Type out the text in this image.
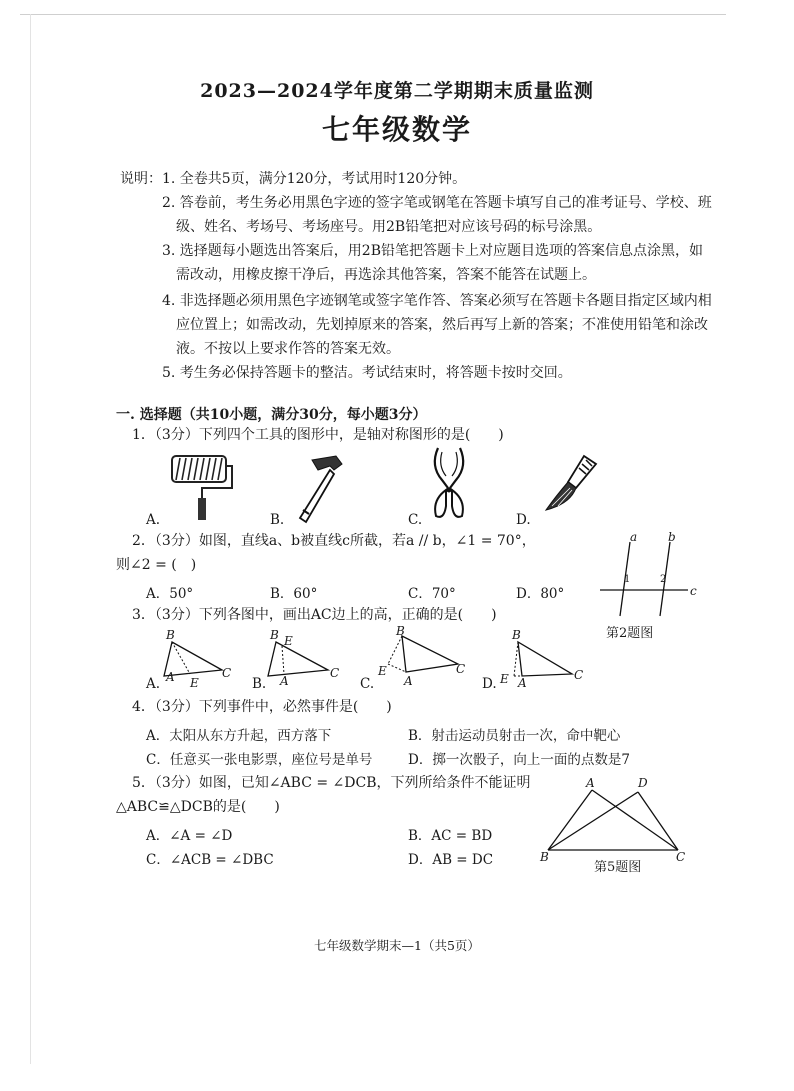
2023—2024学年度第二学期期末质量监测
七年级数学
说明： 1. 全卷共5页，满分120分，考试用时120分钟。
2. 答卷前，考生务必用黑色字迹的签字笔或钢笔在答题卡填写自己的准考证号、学校、班
级、姓名、考场号、考场座号。用2B铅笔把对应该号码的标号涂黑。
3. 选择题每小题选出答案后，用2B铅笔把答题卡上对应题目选项的答案信息点涂黑，如
需改动，用橡皮擦干净后，再选涂其他答案，答案不能答在试题上。
4. 非选择题必须用黑色字迹钢笔或签字笔作答、答案必须写在答题卡各题目指定区域内相
应位置上；如需改动，先划掉原来的答案，然后再写上新的答案；不准使用铅笔和涂改
液。不按以上要求作答的答案无效。
5. 考生务必保持答题卡的整洁。考试结束时，将答题卡按时交回。
一. 选择题（共10小题，满分30分，每小题3分）
1．（3分）下列四个工具的图形中，是轴对称图形的是(　　)
A.	B.	C.	D.
2．（3分）如图，直线a、b被直线c所截，若a // b，∠1 = 70°，
则∠2 = (　)
A．50°	B．60°	C．70°	D．80°
a	b
1	2
c
第2题图
3．（3分）下列各图中，画出AC边上的高，正确的是(　　)
B
A E
C
A.
B E
A
C
B.
B
E
A
C
C.
B
E A
C
D.
4．（3分）下列事件中，必然事件是(　　)
A．太阳从东方升起，西方落下	B．射击运动员射击一次，命中靶心
C．任意买一张电影票，座位号是单号	D．掷一次骰子，向上一面的点数是7
5．（3分）如图，已知∠ABC = ∠DCB，下列所给条件不能证明
△ABC≌△DCB的是(　　)
A．∠A = ∠D	B．AC = BD
C．∠ACB = ∠DBC	D．AB = DC
A	D
B	C
第5题图
七年级数学期末—1（共5页）
